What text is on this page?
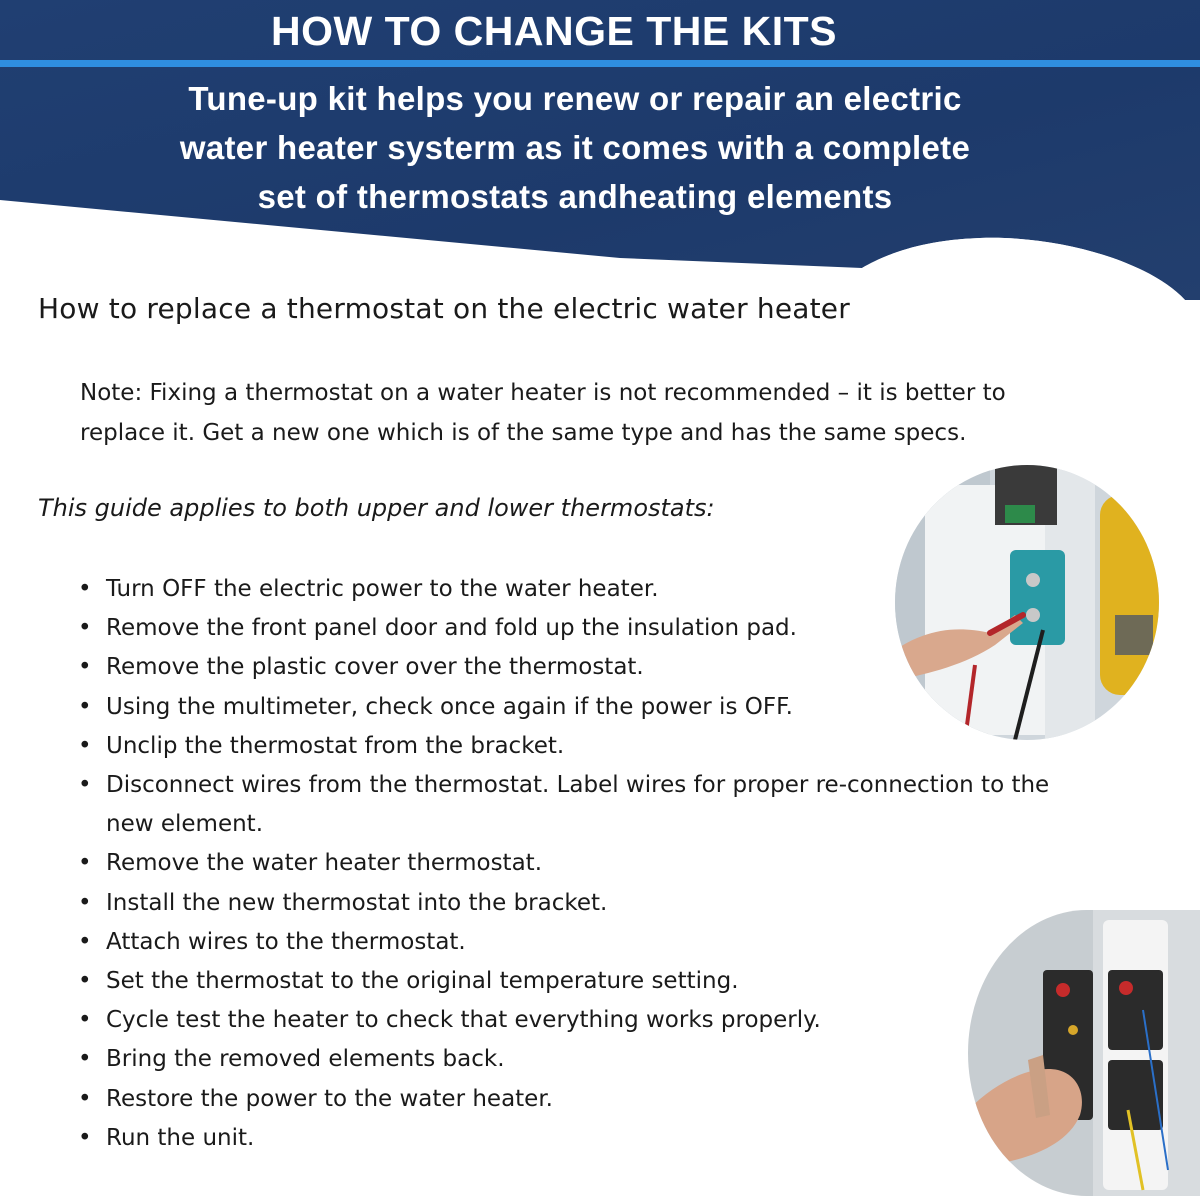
HOW TO CHANGE THE KITS
Tune-up kit helps you renew or repair an electric
water heater systerm as it comes with a complete
set of thermostats andheating elements
How to replace a thermostat on the electric water heater
Note: Fixing a thermostat on a water heater is not recommended – it is better to
replace it. Get a new one which is of the same type and has the same specs.
This guide applies to both upper and lower thermostats:
• Turn OFF the electric power to the water heater.
• Remove the front panel door and fold up the insulation pad.
• Remove the plastic cover over the thermostat.
• Using the multimeter, check once again if the power is OFF.
• Unclip the thermostat from the bracket.
• Disconnect wires from the thermostat. Label wires for proper re-connection to the
new element.
• Remove the water heater thermostat.
• Install the new thermostat into the bracket.
• Attach wires to the thermostat.
• Set the thermostat to the original temperature setting.
• Cycle test the heater to check that everything works properly.
• Bring the removed elements back.
• Restore the power to the water heater.
• Run the unit.
